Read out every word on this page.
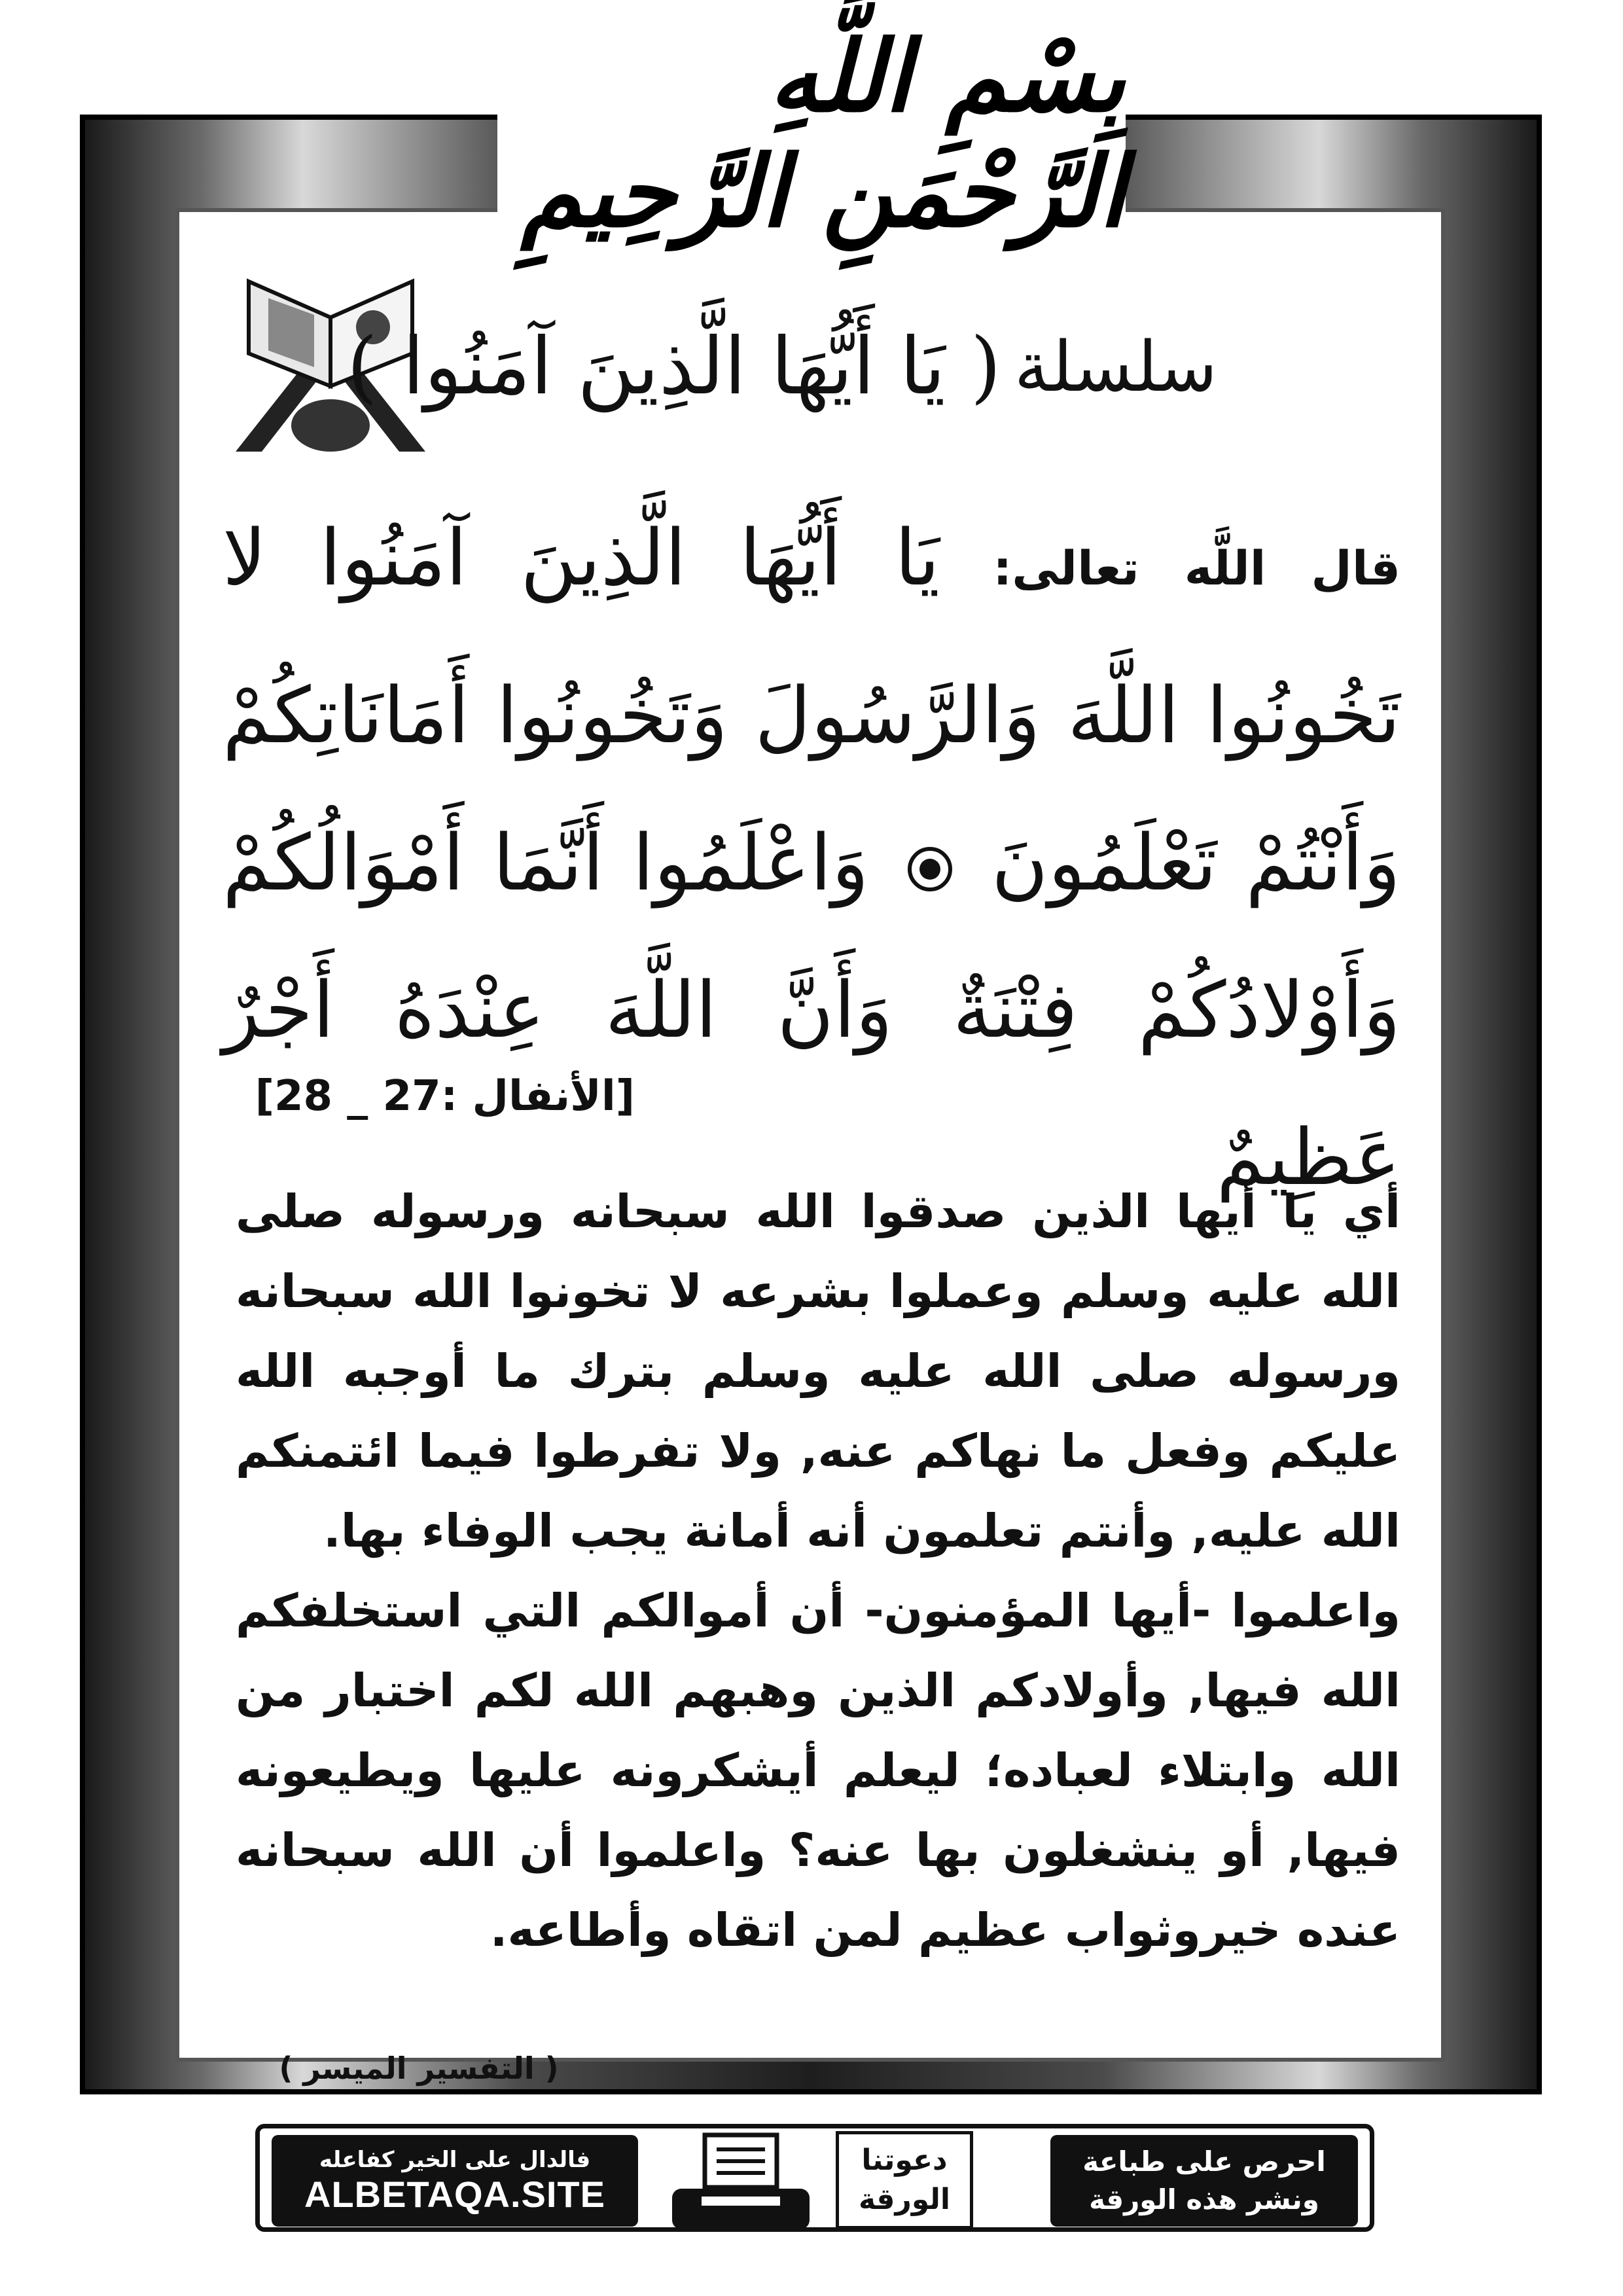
بِسْمِ اللَّهِ الرَّحْمَنِ الرَّحِيمِ
سلسلة
( يَا أَيُّهَا الَّذِينَ آمَنُوا )
قال اللَّه تعالى: يَا أَيُّهَا الَّذِينَ آمَنُوا لا تَخُونُوا اللَّهَ وَالرَّسُولَ وَتَخُونُوا أَمَانَاتِكُمْ وَأَنْتُمْ تَعْلَمُونَ  وَاعْلَمُوا أَنَّمَا أَمْوَالُكُمْ وَأَوْلادُكُمْ فِتْنَةٌ وَأَنَّ اللَّهَ عِنْدَهُ أَجْرٌ عَظِيمٌ
[الأنفال :27 _ 28]

أي يا أيها الذين صدقوا الله سبحانه ورسوله صلى الله عليه وسلم وعملوا بشرعه لا تخونوا الله سبحانه ورسوله صلى الله عليه وسلم بترك ما أوجبه الله عليكم وفعل ما نهاكم عنه, ولا تفرطوا فيما ائتمنكم الله عليه, وأنتم تعلمون أنه أمانة يجب الوفاء بها.

واعلموا -أيها المؤمنون- أن أموالكم التي استخلفكم الله فيها, وأولادكم الذين وهبهم الله لكم اختبار من الله وابتلاء لعباده؛ ليعلم أيشكرونه عليها ويطيعونه فيها, أو ينشغلون بها عنه؟ واعلموا أن الله سبحانه عنده خيروثواب عظيم لمن اتقاه وأطاعه.

( التفسير الميسر )
فالدال على الخير كفاعله
ALBETAQA.SITE
دعوتنا
الورقة
احرص على طباعة
ونشر هذه الورقة
